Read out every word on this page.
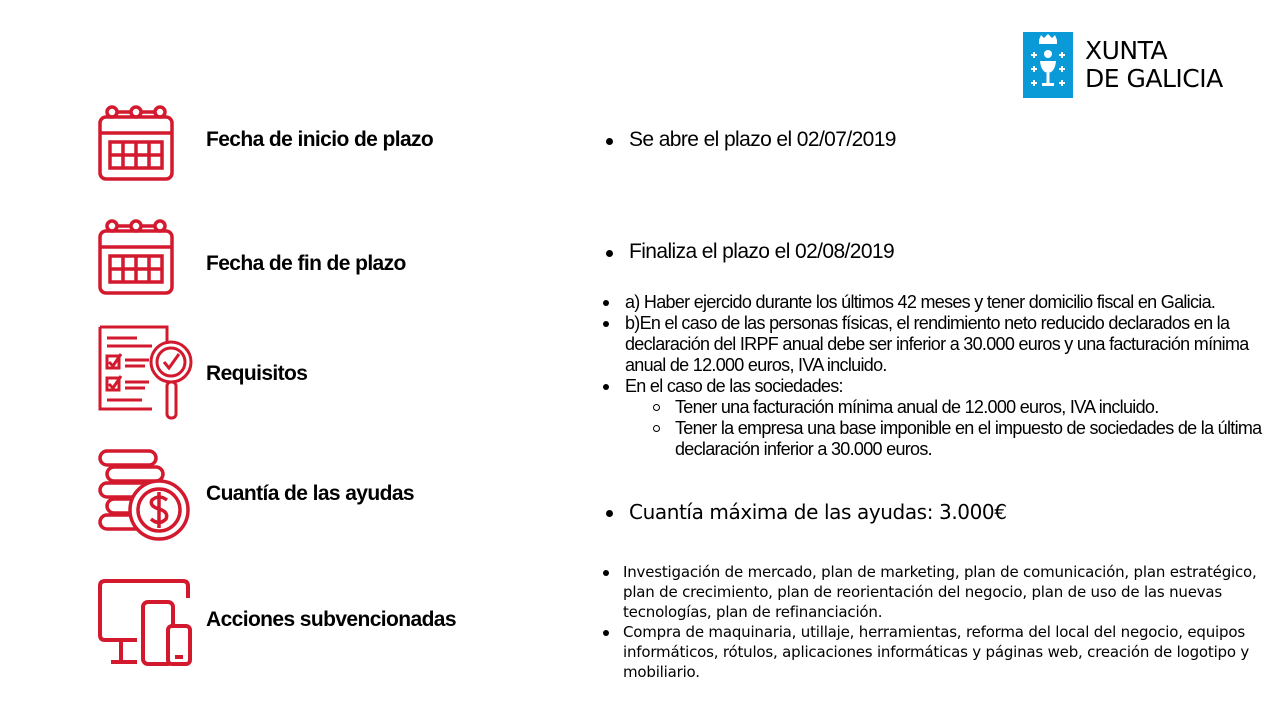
XUNTA
DE GALICIA
Fecha de inicio de plazo
Fecha de fin de plazo
Requisitos
Cuantía de las ayudas
Acciones subvencionadas
Se abre el plazo el 02/07/2019
Finaliza el plazo el 02/08/2019
a) Haber ejercido durante los últimos 42 meses y tener domicilio fiscal en Galicia.
b)En el caso de las personas físicas, el rendimiento neto reducido declarados en la declaración del IRPF anual debe ser inferior a 30.000 euros y una facturación mínima anual de 12.000 euros, IVA incluido.
En el caso de las sociedades:
Tener una facturación mínima anual de 12.000 euros, IVA incluido.
Tener la empresa una base imponible en el impuesto de sociedades de la última declaración inferior a 30.000 euros.
Cuantía máxima de las ayudas: 3.000€
Investigación de mercado, plan de marketing, plan de comunicación, plan estratégico, plan de crecimiento, plan de reorientación del negocio, plan de uso de las nuevas tecnologías, plan de refinanciación.
Compra de maquinaria, utillaje, herramientas, reforma del local del negocio, equipos informáticos, rótulos, aplicaciones informáticas y páginas web, creación de logotipo y mobiliario.
